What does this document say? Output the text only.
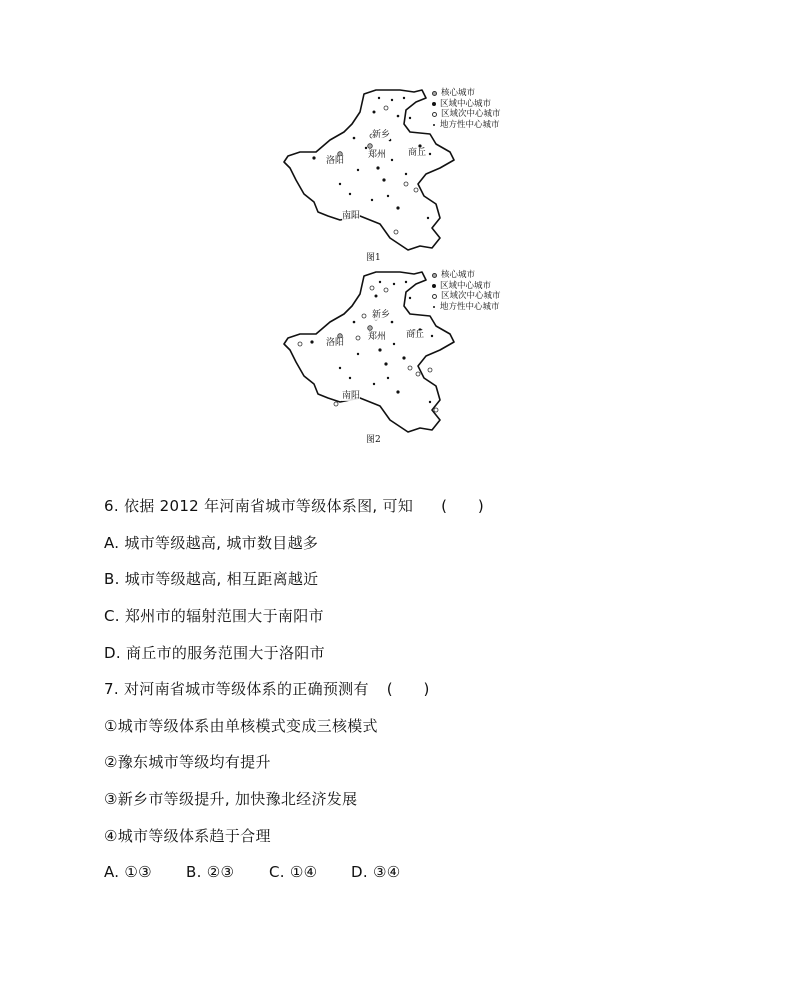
新乡
郑州
洛阳
商丘
南阳
核心城市
区域中心城市
区域次中心城市
地方性中心城市
图1
新乡
郑州
洛阳
商丘
南阳
核心城市
区域中心城市
区域次中心城市
地方性中心城市
图2
6. 依据 2012 年河南省城市等级体系图, 可知 (　　)
A. 城市等级越高, 城市数目越多
B. 城市等级越高, 相互距离越近
C. 郑州市的辐射范围大于南阳市
D. 商丘市的服务范围大于洛阳市
7. 对河南省城市等级体系的正确预测有 (　　)
①城市等级体系由单核模式变成三核模式
②豫东城市等级均有提升
③新乡市等级提升, 加快豫北经济发展
④城市等级体系趋于合理
A. ①③ B. ②③ C. ①④ D. ③④
